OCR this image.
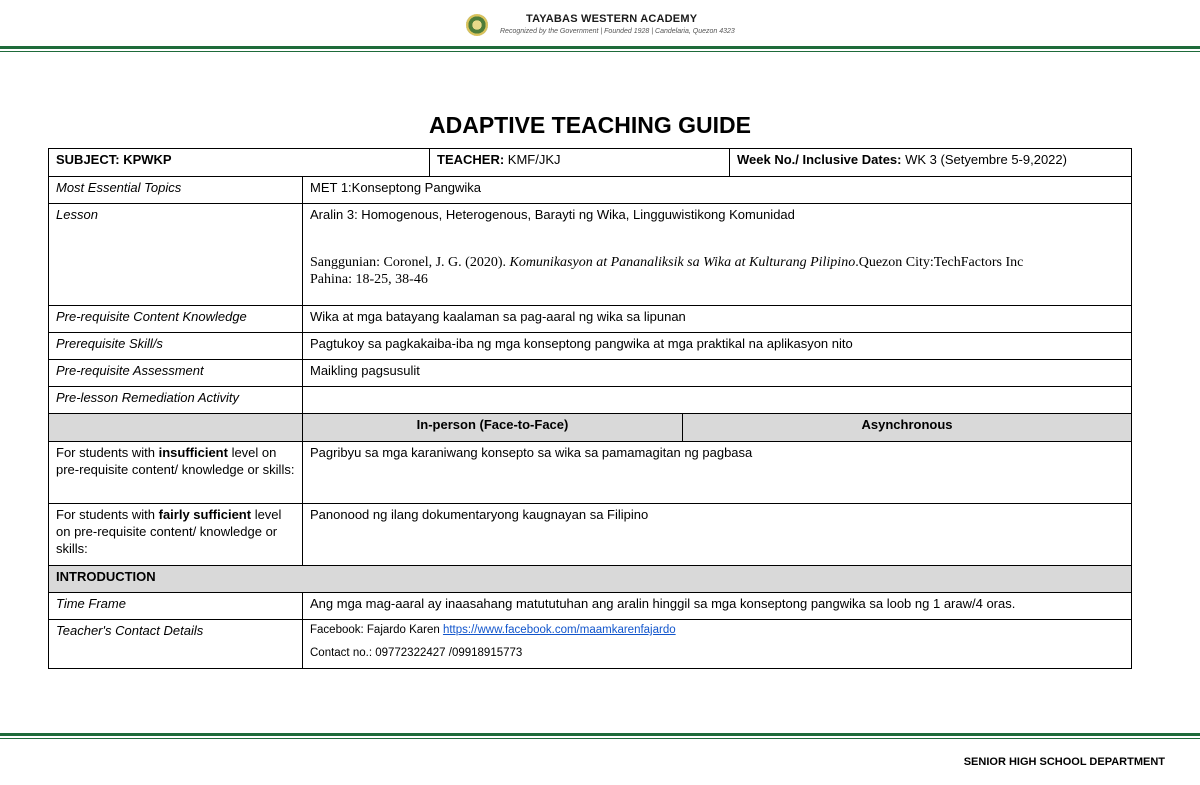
TAYABAS WESTERN ACADEMY
Recognized by the Government | Founded 1928 | Candelaria, Quezon 4323
ADAPTIVE TEACHING GUIDE
SUBJECT: KPWKP		TEACHER: KMF/JKJ		Week No./ Inclusive Dates: WK 3 (Setyembre 5-9,2022)
Most Essential Topics	MET 1:Konseptong Pangwika			
Lesson	Aralin 3: Homogenous, Heterogenous, Barayti ng Wika, Lingguwistikong Komunidad
Sanggunian: Coronel, J. G. (2020). Komunikasyon at Pananaliksik sa Wika at Kulturang Pilipino.Quezon City:TechFactors Inc
Pahina: 18-25, 38-46			

Pre-requisite Content Knowledge	Wika at mga batayang kaalaman sa pag-aaral ng wika sa lipunan			
Prerequisite Skill/s	Pagtukoy sa pagkakaiba-iba ng mga konseptong pangwika at mga praktikal na aplikasyon nito			
Pre-requisite Assessment	Maikling pagsusulit			
Pre-lesson Remediation Activity				
	In-person (Face-to-Face)		Asynchronous	
For students with insufficient level on pre-requisite content/ knowledge or skills:	Pagribyu sa mga karaniwang konsepto sa wika sa pamamagitan ng pagbasa			
For students with fairly sufficient level on pre-requisite content/ knowledge or skills:	Panonood ng ilang dokumentaryong kaugnayan sa Filipino			
INTRODUCTION				
Time Frame	Ang mga mag-aaral ay inaasahang matututuhan ang aralin hinggil sa mga konseptong pangwika sa loob ng 1 araw/4 oras.			
Teacher's Contact Details	Facebook: Fajardo Karen https://www.facebook.com/maamkarenfajardo
Contact no.: 09772322427 /09918915773			
SENIOR HIGH SCHOOL DEPARTMENT
